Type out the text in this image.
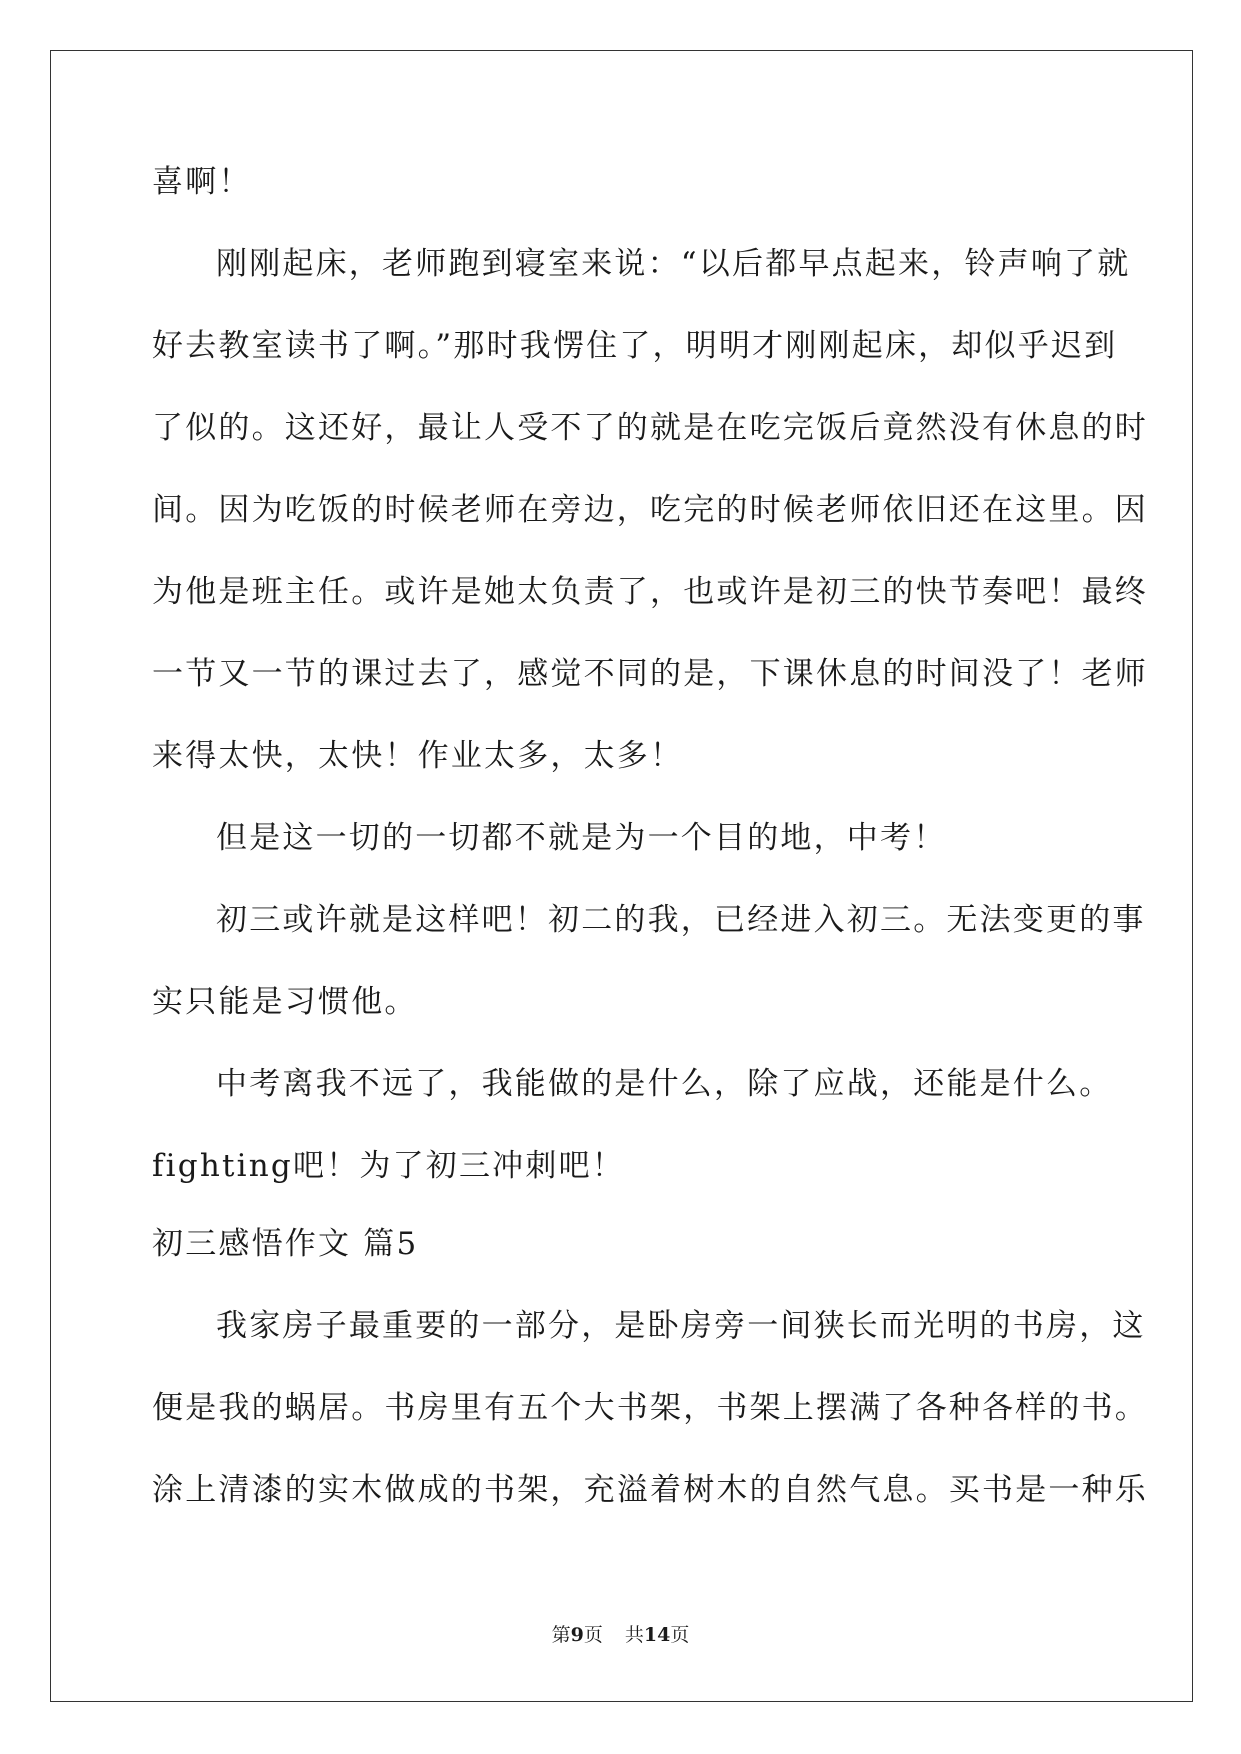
喜啊！
刚刚起床，老师跑到寝室来说：“以后都早点起来，铃声响了就
好去教室读书了啊。”那时我愣住了，明明才刚刚起床，却似乎迟到
了似的。这还好，最让人受不了的就是在吃完饭后竟然没有休息的时
间。因为吃饭的时候老师在旁边，吃完的时候老师依旧还在这里。因
为他是班主任。或许是她太负责了，也或许是初三的快节奏吧！最终
一节又一节的课过去了，感觉不同的是，下课休息的时间没了！老师
来得太快，太快！作业太多，太多！
但是这一切的一切都不就是为一个目的地，中考！
初三或许就是这样吧！初二的我，已经进入初三。无法变更的事
实只能是习惯他。
中考离我不远了，我能做的是什么，除了应战，还能是什么。
fighting吧！为了初三冲刺吧！
初三感悟作文 篇5
我家房子最重要的一部分，是卧房旁一间狭长而光明的书房，这
便是我的蜗居。书房里有五个大书架，书架上摆满了各种各样的书。
涂上清漆的实木做成的书架，充溢着树木的自然气息。买书是一种乐
第9页 共14页
